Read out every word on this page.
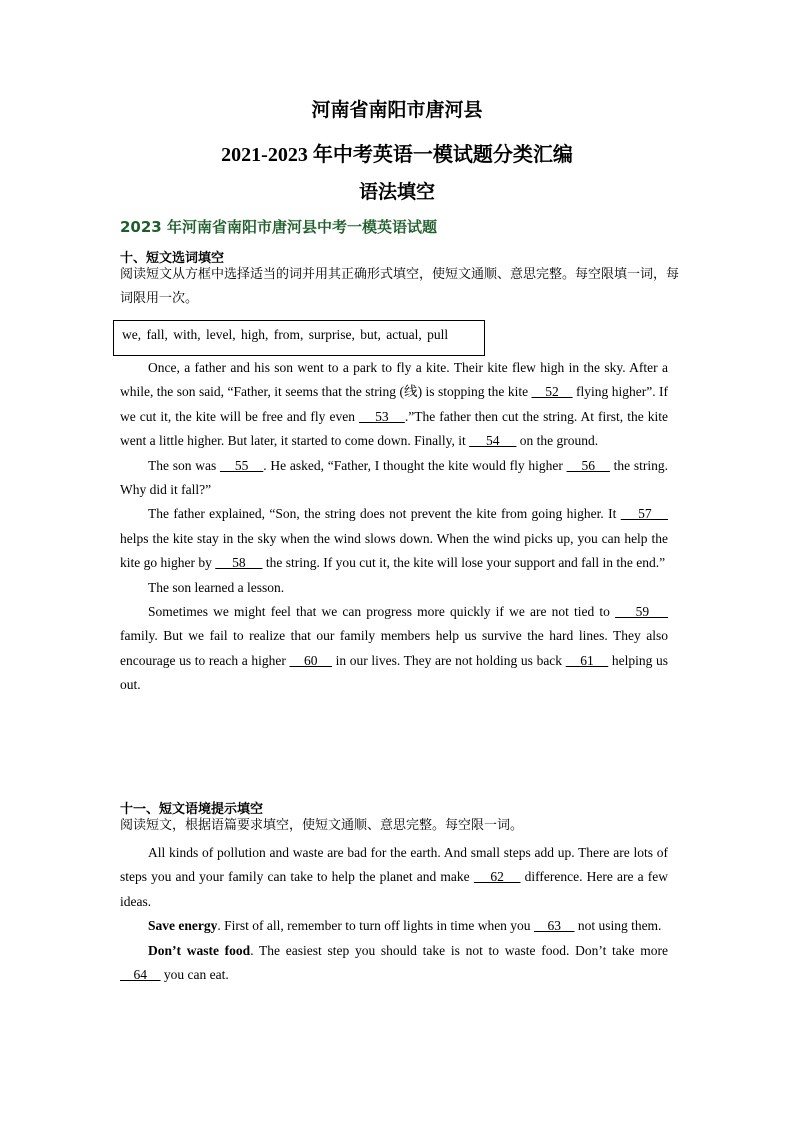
河南省南阳市唐河县
2021-2023 年中考英语一模试题分类汇编
语法填空
2023 年河南省南阳市唐河县中考一模英语试题
十、短文选词填空
阅读短文从方框中选择适当的词并用其正确形式填空，使短文通顺、意思完整。每空限填一词，每词限用一次。
we, fall, with, level, high, from, surprise, but, actual, pull

Once, a father and his son went to a park to fly a kite. Their kite flew high in the sky. After a while, the son said, “Father, it seems that the string (线) is stopping the kite     52     flying higher”. If we cut it, the kite will be free and fly even     53    .”The father then cut the string. At first, the kite went a little higher. But later, it started to come down. Finally, it      54      on the ground.

The son was     55    . He asked, “Father, I thought the kite would fly higher     56     the string. Why did it fall?”

The father explained, “Son, the string does not prevent the kite from going higher. It     57     helps the kite stay in the sky when the wind slows down. When the wind picks up, you can help the kite go higher by      58      the string. If you cut it, the kite will lose your support and fall in the end.”

The son learned a lesson.

Sometimes we might feel that we can progress more quickly if we are not tied to     59     family. But we fail to realize that our family members help us survive the hard lines. They also encourage us to reach a higher     60     in our lives. They are not holding us back     61     helping us out.

十一、短文语境提示填空
阅读短文，根据语篇要求填空，使短文通顺、意思完整。每空限一词。

All kinds of pollution and waste are bad for the earth. And small steps add up. There are lots of steps you and your family can take to help the planet and make     62     difference. Here are a few ideas.

Save energy. First of all, remember to turn off lights in time when you     63     not using them.

Don’t waste food. The easiest step you should take is not to waste food. Don’t take more     64     you can eat.
